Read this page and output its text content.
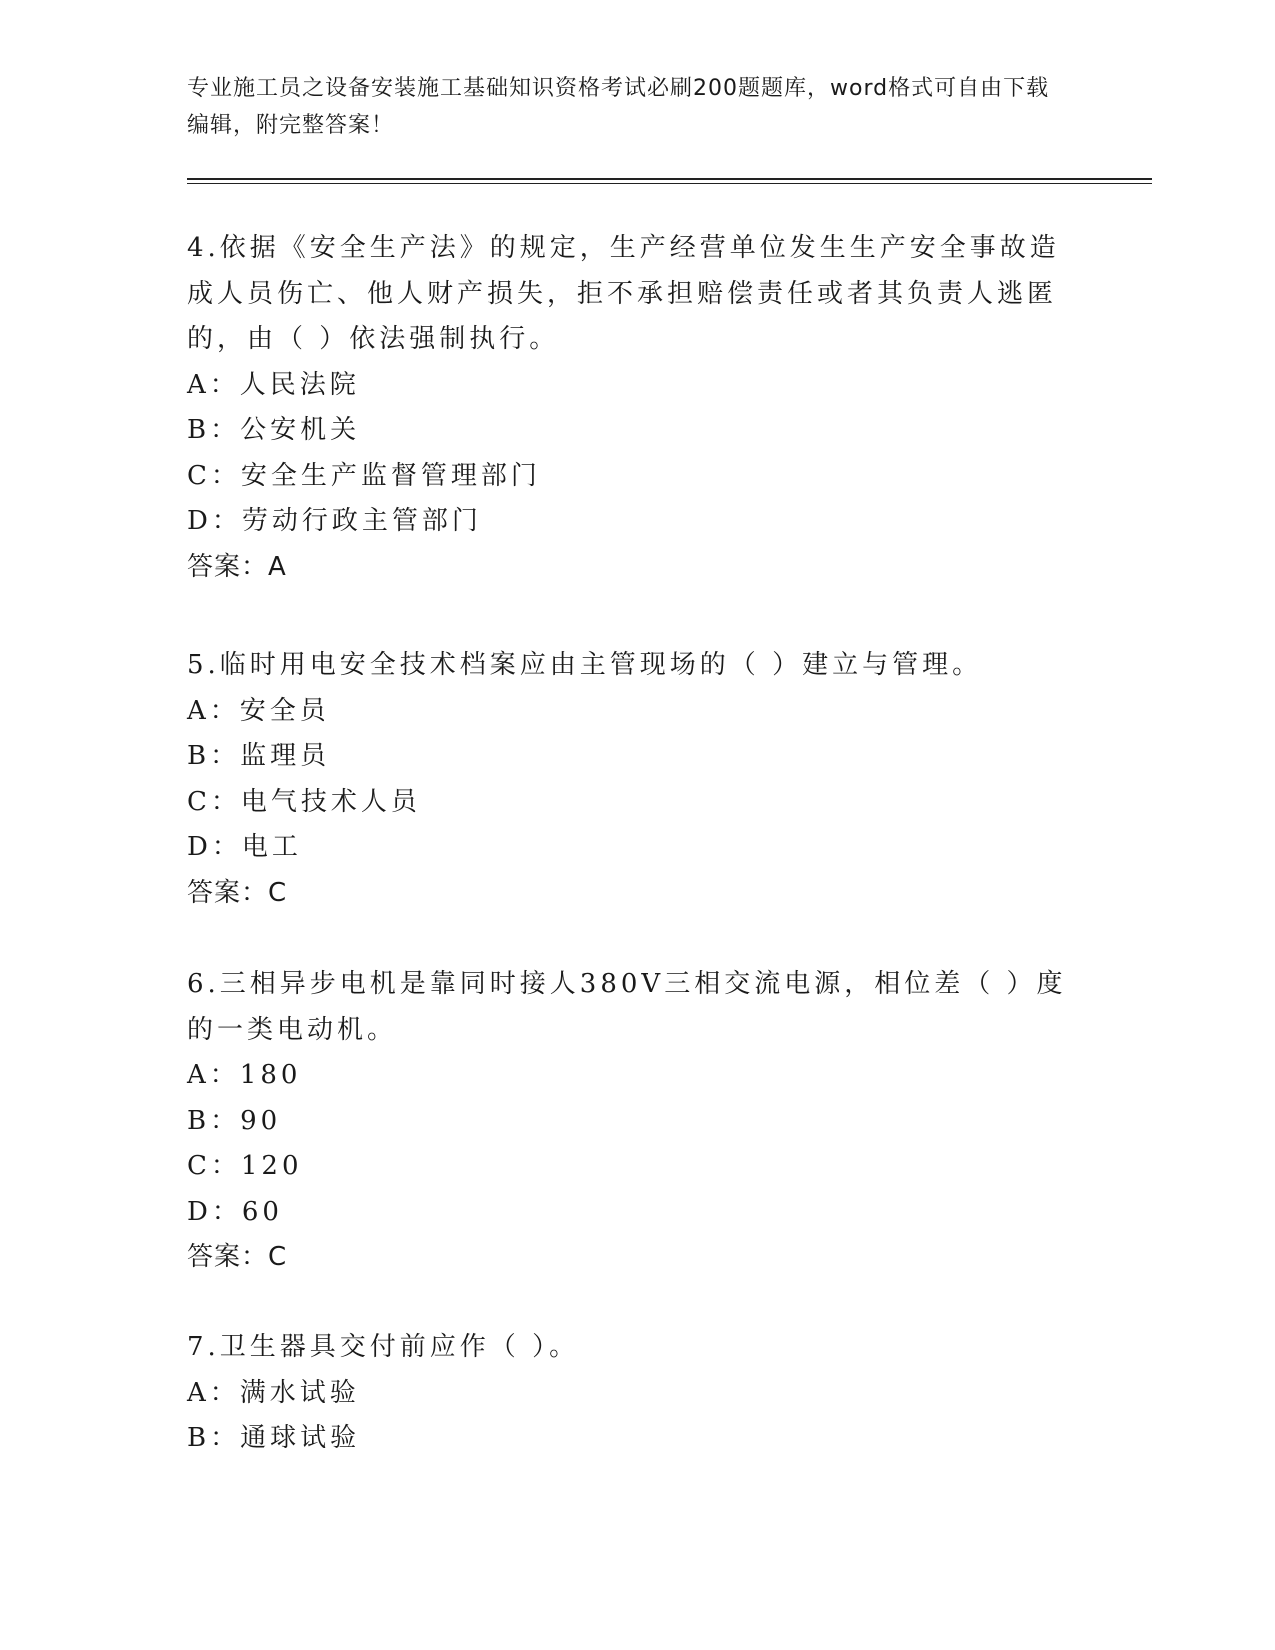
专业施工员之设备安装施工基础知识资格考试必刷200题题库，word格式可自由下载编辑，附完整答案！
4.依据《安全生产法》的规定，生产经营单位发生生产安全事故造成人员伤亡、他人财产损失，拒不承担赔偿责任或者其负责人逃匿的，由（ ）依法强制执行。
A：人民法院
B：公安机关
C：安全生产监督管理部门
D：劳动行政主管部门
答案：A
5.临时用电安全技术档案应由主管现场的（ ）建立与管理。
A：安全员
B：监理员
C：电气技术人员
D：电工
答案：C
6.三相异步电机是靠同时接人380V三相交流电源，相位差（ ）度的一类电动机。
A：180
B：90
C：120
D：60
答案：C
7.卫生器具交付前应作（ ）。
A：满水试验
B：通球试验
